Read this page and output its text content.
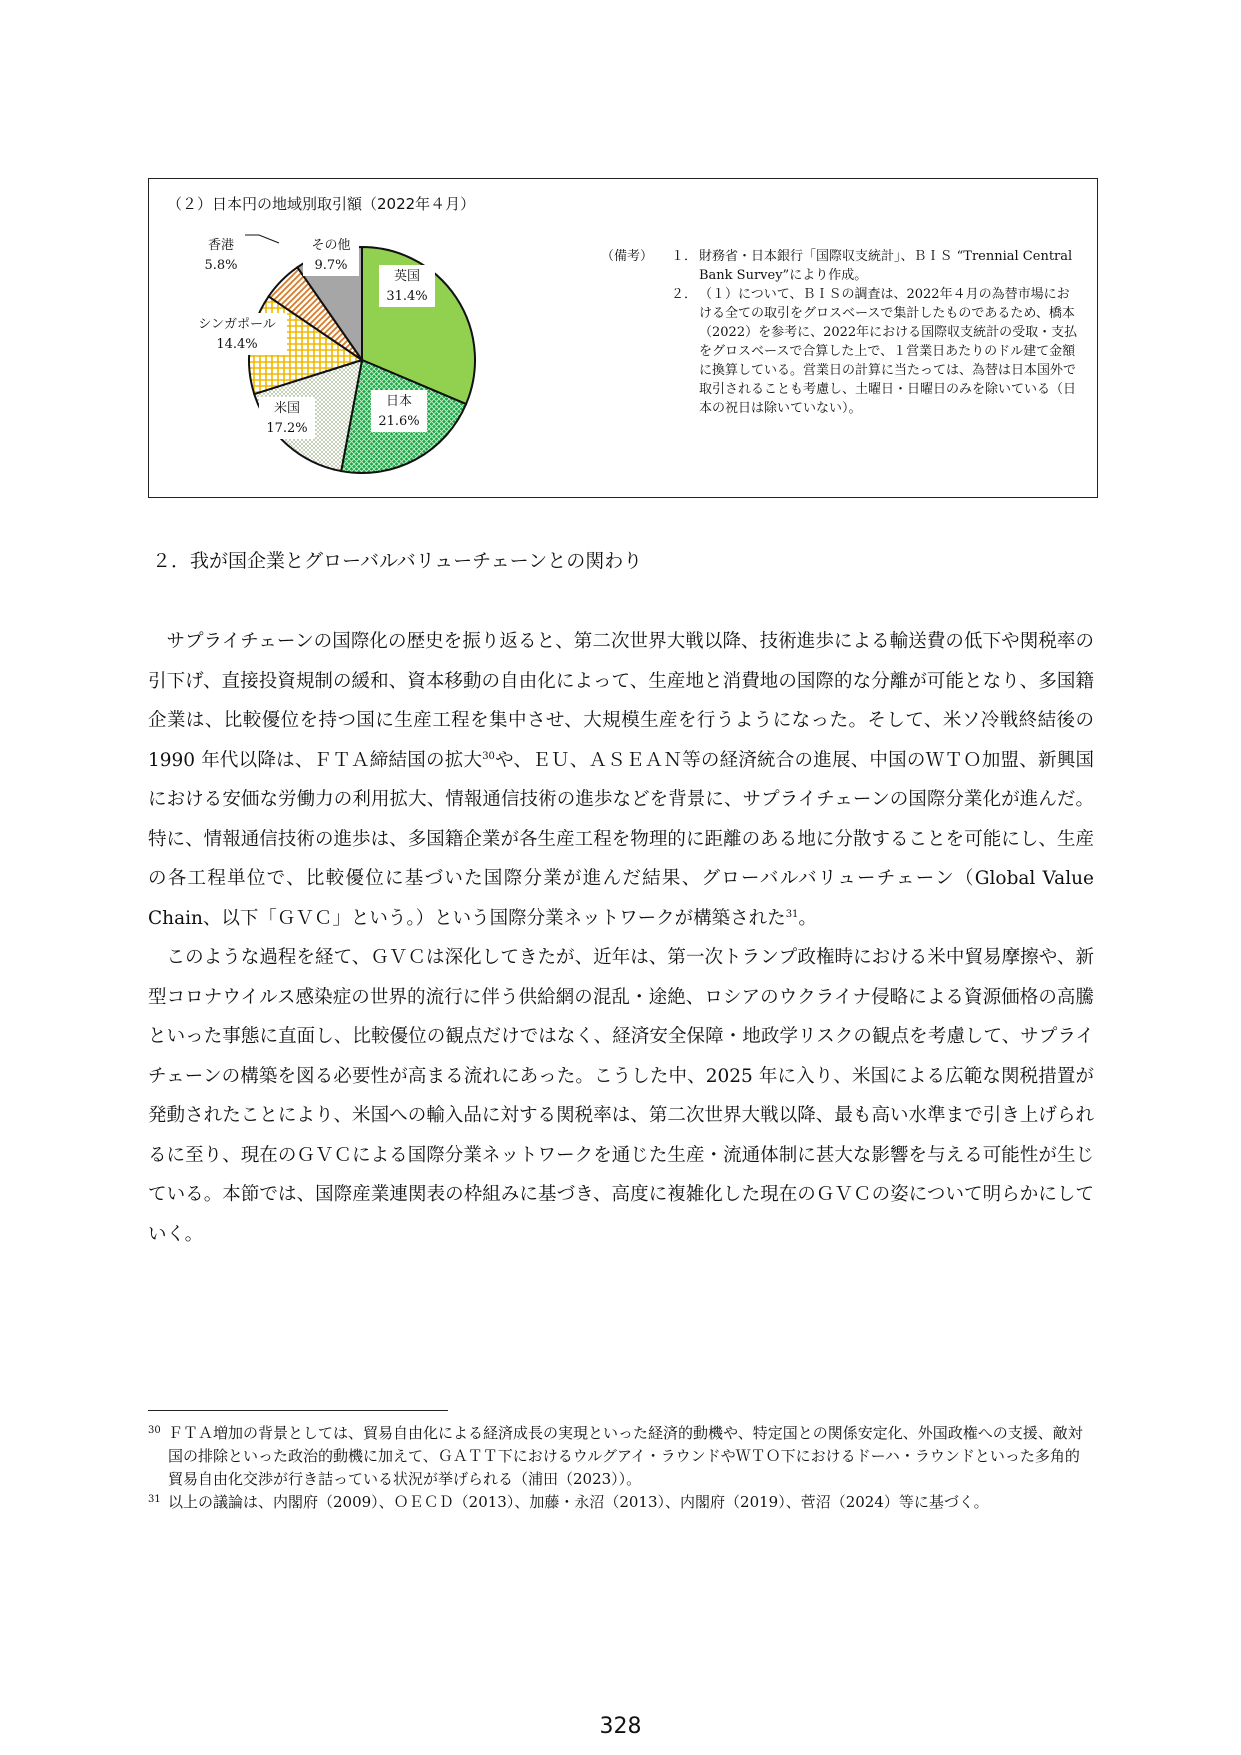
（２）日本円の地域別取引額（2022年４月）
英国
31.4%
日本
21.6%
米国
17.2%
シンガポール
14.4%
香港
5.8%
その他
9.7%
（備考）	１． 財務省・日本銀行「国際収支統計」、ＢＩＳ “Trennial Central Bank Survey”により作成。
２． （１）について、ＢＩＳの調査は、2022年４月の為替市場における全ての取引をグロスベースで集計したものであるため、橋本（2022）を参考に、2022年における国際収支統計の受取・支払をグロスベースで合算した上で、１営業日あたりのドル建て金額に換算している。営業日の計算に当たっては、為替は日本国外で取引されることも考慮し、土曜日・日曜日のみを除いている（日本の祝日は除いていない）。
２．我が国企業とグローバルバリューチェーンとの関わり

サプライチェーンの国際化の歴史を振り返ると、第二次世界大戦以降、技術進歩による輸送費の低下や関税率の引下げ、直接投資規制の緩和、資本移動の自由化によって、生産地と消費地の国際的な分離が可能となり、多国籍企業は、比較優位を持つ国に生産工程を集中させ、大規模生産を行うようになった。そして、米ソ冷戦終結後の 1990 年代以降は、ＦＴＡ締結国の拡大$^{30}$や、ＥＵ、ＡＳＥＡＮ等の経済統合の進展、中国のＷＴＯ加盟、新興国における安価な労働力の利用拡大、情報通信技術の進歩などを背景に、サプライチェーンの国際分業化が進んだ。特に、情報通信技術の進歩は、多国籍企業が各生産工程を物理的に距離のある地に分散することを可能にし、生産の各工程単位で、比較優位に基づいた国際分業が進んだ結果、グローバルバリューチェーン（Global Value Chain、以下「ＧＶＣ」という。）という国際分業ネットワークが構築された$^{31}$。

このような過程を経て、ＧＶＣは深化してきたが、近年は、第一次トランプ政権時における米中貿易摩擦や、新型コロナウイルス感染症の世界的流行に伴う供給網の混乱・途絶、ロシアのウクライナ侵略による資源価格の高騰といった事態に直面し、比較優位の観点だけではなく、経済安全保障・地政学リスクの観点を考慮して、サプライチェーンの構築を図る必要性が高まる流れにあった。こうした中、2025 年に入り、米国による広範な関税措置が発動されたことにより、米国への輸入品に対する関税率は、第二次世界大戦以降、最も高い水準まで引き上げられるに至り、現在のＧＶＣによる国際分業ネットワークを通じた生産・流通体制に甚大な影響を与える可能性が生じている。本節では、国際産業連関表の枠組みに基づき、高度に複雑化した現在のＧＶＣの姿について明らかにしていく。

30 ＦＴＡ増加の背景としては、貿易自由化による経済成長の実現といった経済的動機や、特定国との関係安定化、外国政権への支援、敵対国の排除といった政治的動機に加えて、ＧＡＴＴ下におけるウルグアイ・ラウンドやＷＴＯ下におけるドーハ・ラウンドといった多角的貿易自由化交渉が行き詰っている状況が挙げられる（浦田（2023））。
31 以上の議論は、内閣府（2009）、ＯＥＣＤ（2013）、加藤・永沼（2013）、内閣府（2019）、菅沼（2024）等に基づく。
328
